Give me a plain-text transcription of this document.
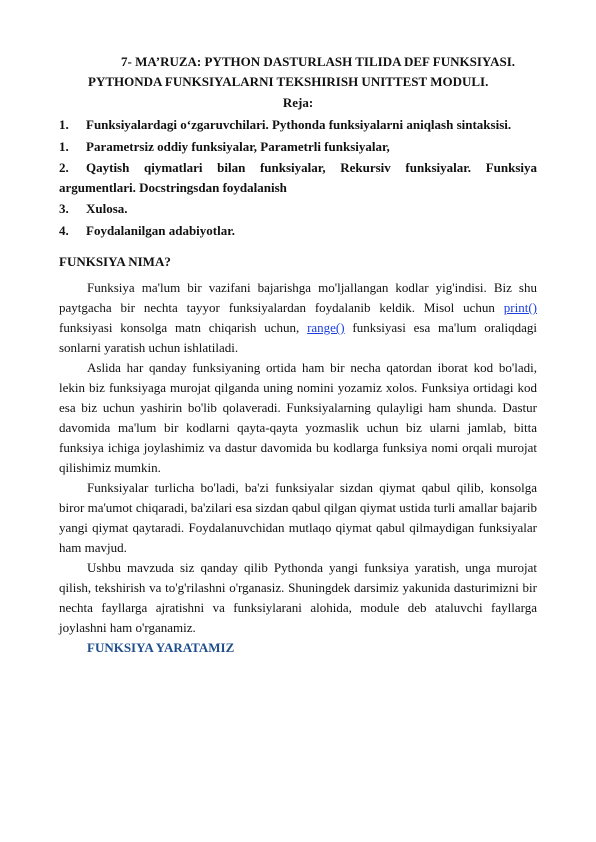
7- MA’RUZA: PYTHON DASTURLASH TILIDA DEF FUNKSIYASI.

PYTHONDA FUNKSIYALARNI TEKSHIRISH UNITTEST MODULI.

Reja:

1. Funksiyalardagi o‘zgaruvchilari. Pythonda funksiyalarni aniqlash sintaksisi.
1. Parametrsiz oddiy funksiyalar, Parametrli funksiyalar,
2. Qaytish qiymatlari bilan funksiyalar, Rekursiv funksiyalar. Funksiya argumentlari. Docstringsdan foydalanish
3. Xulosa.
4. Foydalanilgan adabiyotlar.

FUNKSIYA NIMA?

Funksiya ma'lum bir vazifani bajarishga mo'ljallangan kodlar yig'indisi. Biz shu paytgacha bir nechta tayyor funksiyalardan foydalanib keldik. Misol uchun print() funksiyasi konsolga matn chiqarish uchun, range() funksiyasi esa ma'lum oraliqdagi sonlarni yaratish uchun ishlatiladi.

Aslida har qanday funksiyaning ortida ham bir necha qatordan iborat kod bo'ladi, lekin biz funksiyaga murojat qilganda uning nomini yozamiz xolos. Funksiya ortidagi kod esa biz uchun yashirin bo'lib qolaveradi. Funksiyalarning qulayligi ham shunda. Dastur davomida ma'lum bir kodlarni qayta-qayta yozmaslik uchun biz ularni jamlab, bitta funksiya ichiga joylashimiz va dastur davomida bu kodlarga funksiya nomi orqali murojat qilishimiz mumkin.

Funksiyalar turlicha bo'ladi, ba'zi funksiyalar sizdan qiymat qabul qilib, konsolga biror ma'umot chiqaradi, ba'zilari esa sizdan qabul qilgan qiymat ustida turli amallar bajarib yangi qiymat qaytaradi. Foydalanuvchidan mutlaqo qiymat qabul qilmaydigan funksiyalar ham mavjud.

Ushbu mavzuda siz qanday qilib Pythonda yangi funksiya yaratish, unga murojat qilish, tekshirish va to'g'rilashni o'rganasiz. Shuningdek darsimiz yakunida dasturimizni bir nechta fayllarga ajratishni va funksiylarani alohida, module deb ataluvchi fayllarga joylashni ham o'rganamiz.

FUNKSIYA YARATAMIZ
